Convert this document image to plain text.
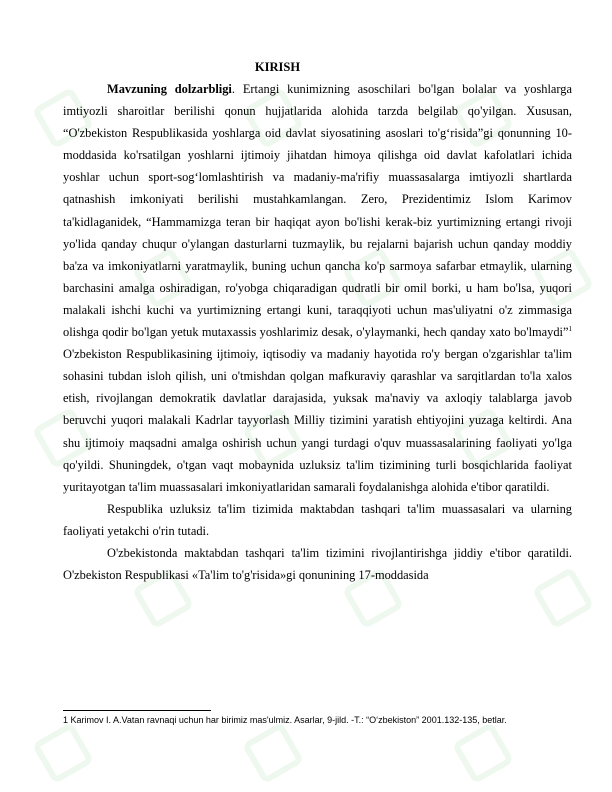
KIRISH

Mavzuning dolzarbligi. Ertangi kunimizning asoschilari bo'lgan bolalar va yoshlarga imtiyozli sharoitlar berilishi qonun hujjatlarida alohida tarzda belgilab qo'yilgan. Xususan, “O'zbekiston Respublikasida yoshlarga oid davlat siyosatining asoslari to'g‘risida”gi qonunning 10-moddasida ko'rsatilgan yoshlarni ijtimoiy jihatdan himoya qilishga oid davlat kafolatlari ichida yoshlar uchun sport-sog‘lomlashtirish va madaniy-ma'rifiy muassasalarga imtiyozli shartlarda qatnashish imkoniyati berilishi mustahkamlangan. Zero, Prezidentimiz Islom Karimov ta'kidlaganidek, “Hammamizga teran bir haqiqat ayon bo'lishi kerak-biz yurtimizning ertangi rivoji yo'lida qanday chuqur o'ylangan dasturlarni tuzmaylik, bu rejalarni bajarish uchun qanday moddiy ba'za va imkoniyatlarni yaratmaylik, buning uchun qancha ko'p sarmoya safarbar etmaylik, ularning barchasini amalga oshiradigan, ro'yobga chiqaradigan qudratli bir omil borki, u ham bo'lsa, yuqori malakali ishchi kuchi va yurtimizning ertangi kuni, taraqqiyoti uchun mas'uliyatni o'z zimmasiga olishga qodir bo'lgan yetuk mutaxassis yoshlarimiz desak, o'ylaymanki, hech qanday xato bo'lmaydi”$^1$ O'zbekiston Respublikasining ijtimoiy, iqtisodiy va madaniy hayotida ro'y bergan o'zgarishlar ta'lim sohasini tubdan isloh qilish, uni o'tmishdan qolgan mafkuraviy qarashlar va sarqitlardan to'la xalos etish, rivojlangan demokratik davlatlar darajasida, yuksak ma'naviy va axloqiy talablarga javob beruvchi yuqori malakali Kadrlar tayyorlash Milliy tizimini yaratish ehtiyojini yuzaga keltirdi. Ana shu ijtimoiy maqsadni amalga oshirish uchun yangi turdagi o'quv muassasalarining faoliyati yo'lga qo'yildi. Shuningdek, o'tgan vaqt mobaynida uzluksiz ta'lim tizimining turli bosqichlarida faoliyat yuritayotgan ta'lim muassasalari imkoniyatlaridan samarali foydalanishga alohida e'tibor qaratildi.

Respublika uzluksiz ta'lim tizimida maktabdan tashqari ta'lim muassasalari va ularning faoliyati yetakchi o'rin tutadi.

O'zbekistonda maktabdan tashqari ta'lim tizimini rivojlantirishga jiddiy e'tibor qaratildi. O'zbekiston Respublikasi «Ta'lim to'g'risida»gi qonunining 17-moddasida

1 Karimov I. A.Vatan ravnaqi uchun har birimiz mas'ulmiz. Asarlar, 9-jild. -T.: “O‘zbekiston” 2001.132-135, betlar.
